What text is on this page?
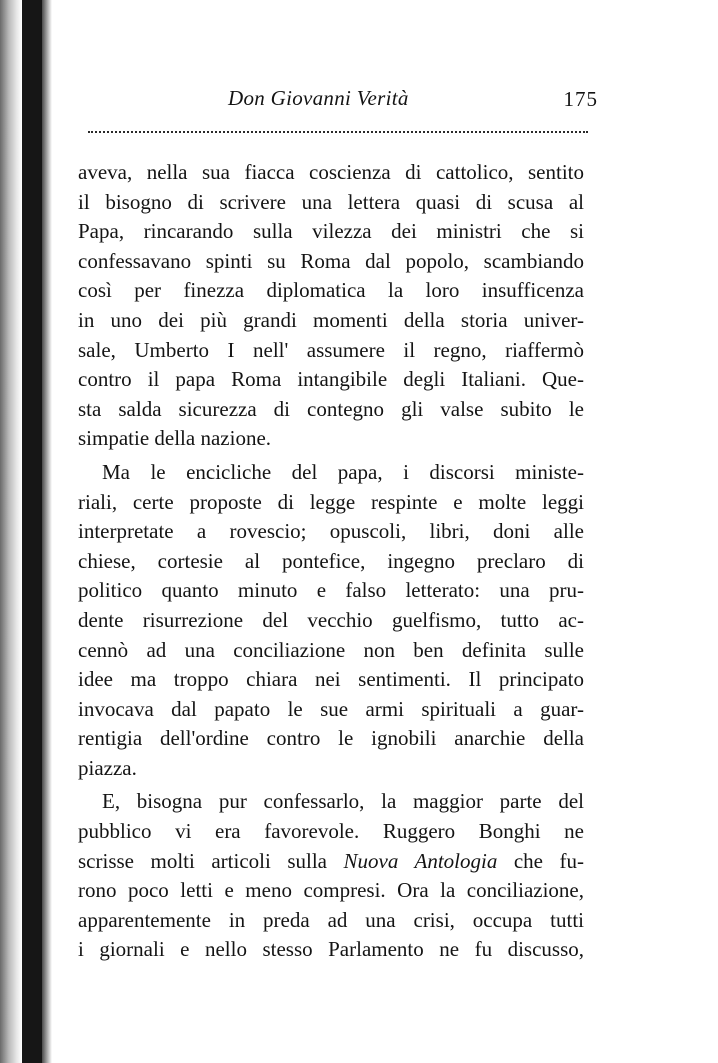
Don Giovanni Verità	175
aveva, nella sua fiacca coscienza di cattolico, sentito
il bisogno di scrivere una lettera quasi di scusa al
Papa, rincarando sulla vilezza dei ministri che si
confessavano spinti su Roma dal popolo, scambiando
così per finezza diplomatica la loro insufficenza
in uno dei più grandi momenti della storia univer-
sale, Umberto I nell' assumere il regno, riaffermò
contro il papa Roma intangibile degli Italiani. Que-
sta salda sicurezza di contegno gli valse subito le
simpatie della nazione.
Ma le encicliche del papa, i discorsi ministe-
riali, certe proposte di legge respinte e molte leggi
interpretate a rovescio; opuscoli, libri, doni alle
chiese, cortesie al pontefice, ingegno preclaro di
politico quanto minuto e falso letterato: una pru-
dente risurrezione del vecchio guelfismo, tutto ac-
cennò ad una conciliazione non ben definita sulle
idee ma troppo chiara nei sentimenti. Il principato
invocava dal papato le sue armi spirituali a guar-
rentigia dell'ordine contro le ignobili anarchie della
piazza.
E, bisogna pur confessarlo, la maggior parte del
pubblico vi era favorevole. Ruggero Bonghi ne
scrisse molti articoli sulla Nuova Antologia che fu-
rono poco letti e meno compresi. Ora la conciliazione,
apparentemente in preda ad una crisi, occupa tutti
i giornali e nello stesso Parlamento ne fu discusso,
